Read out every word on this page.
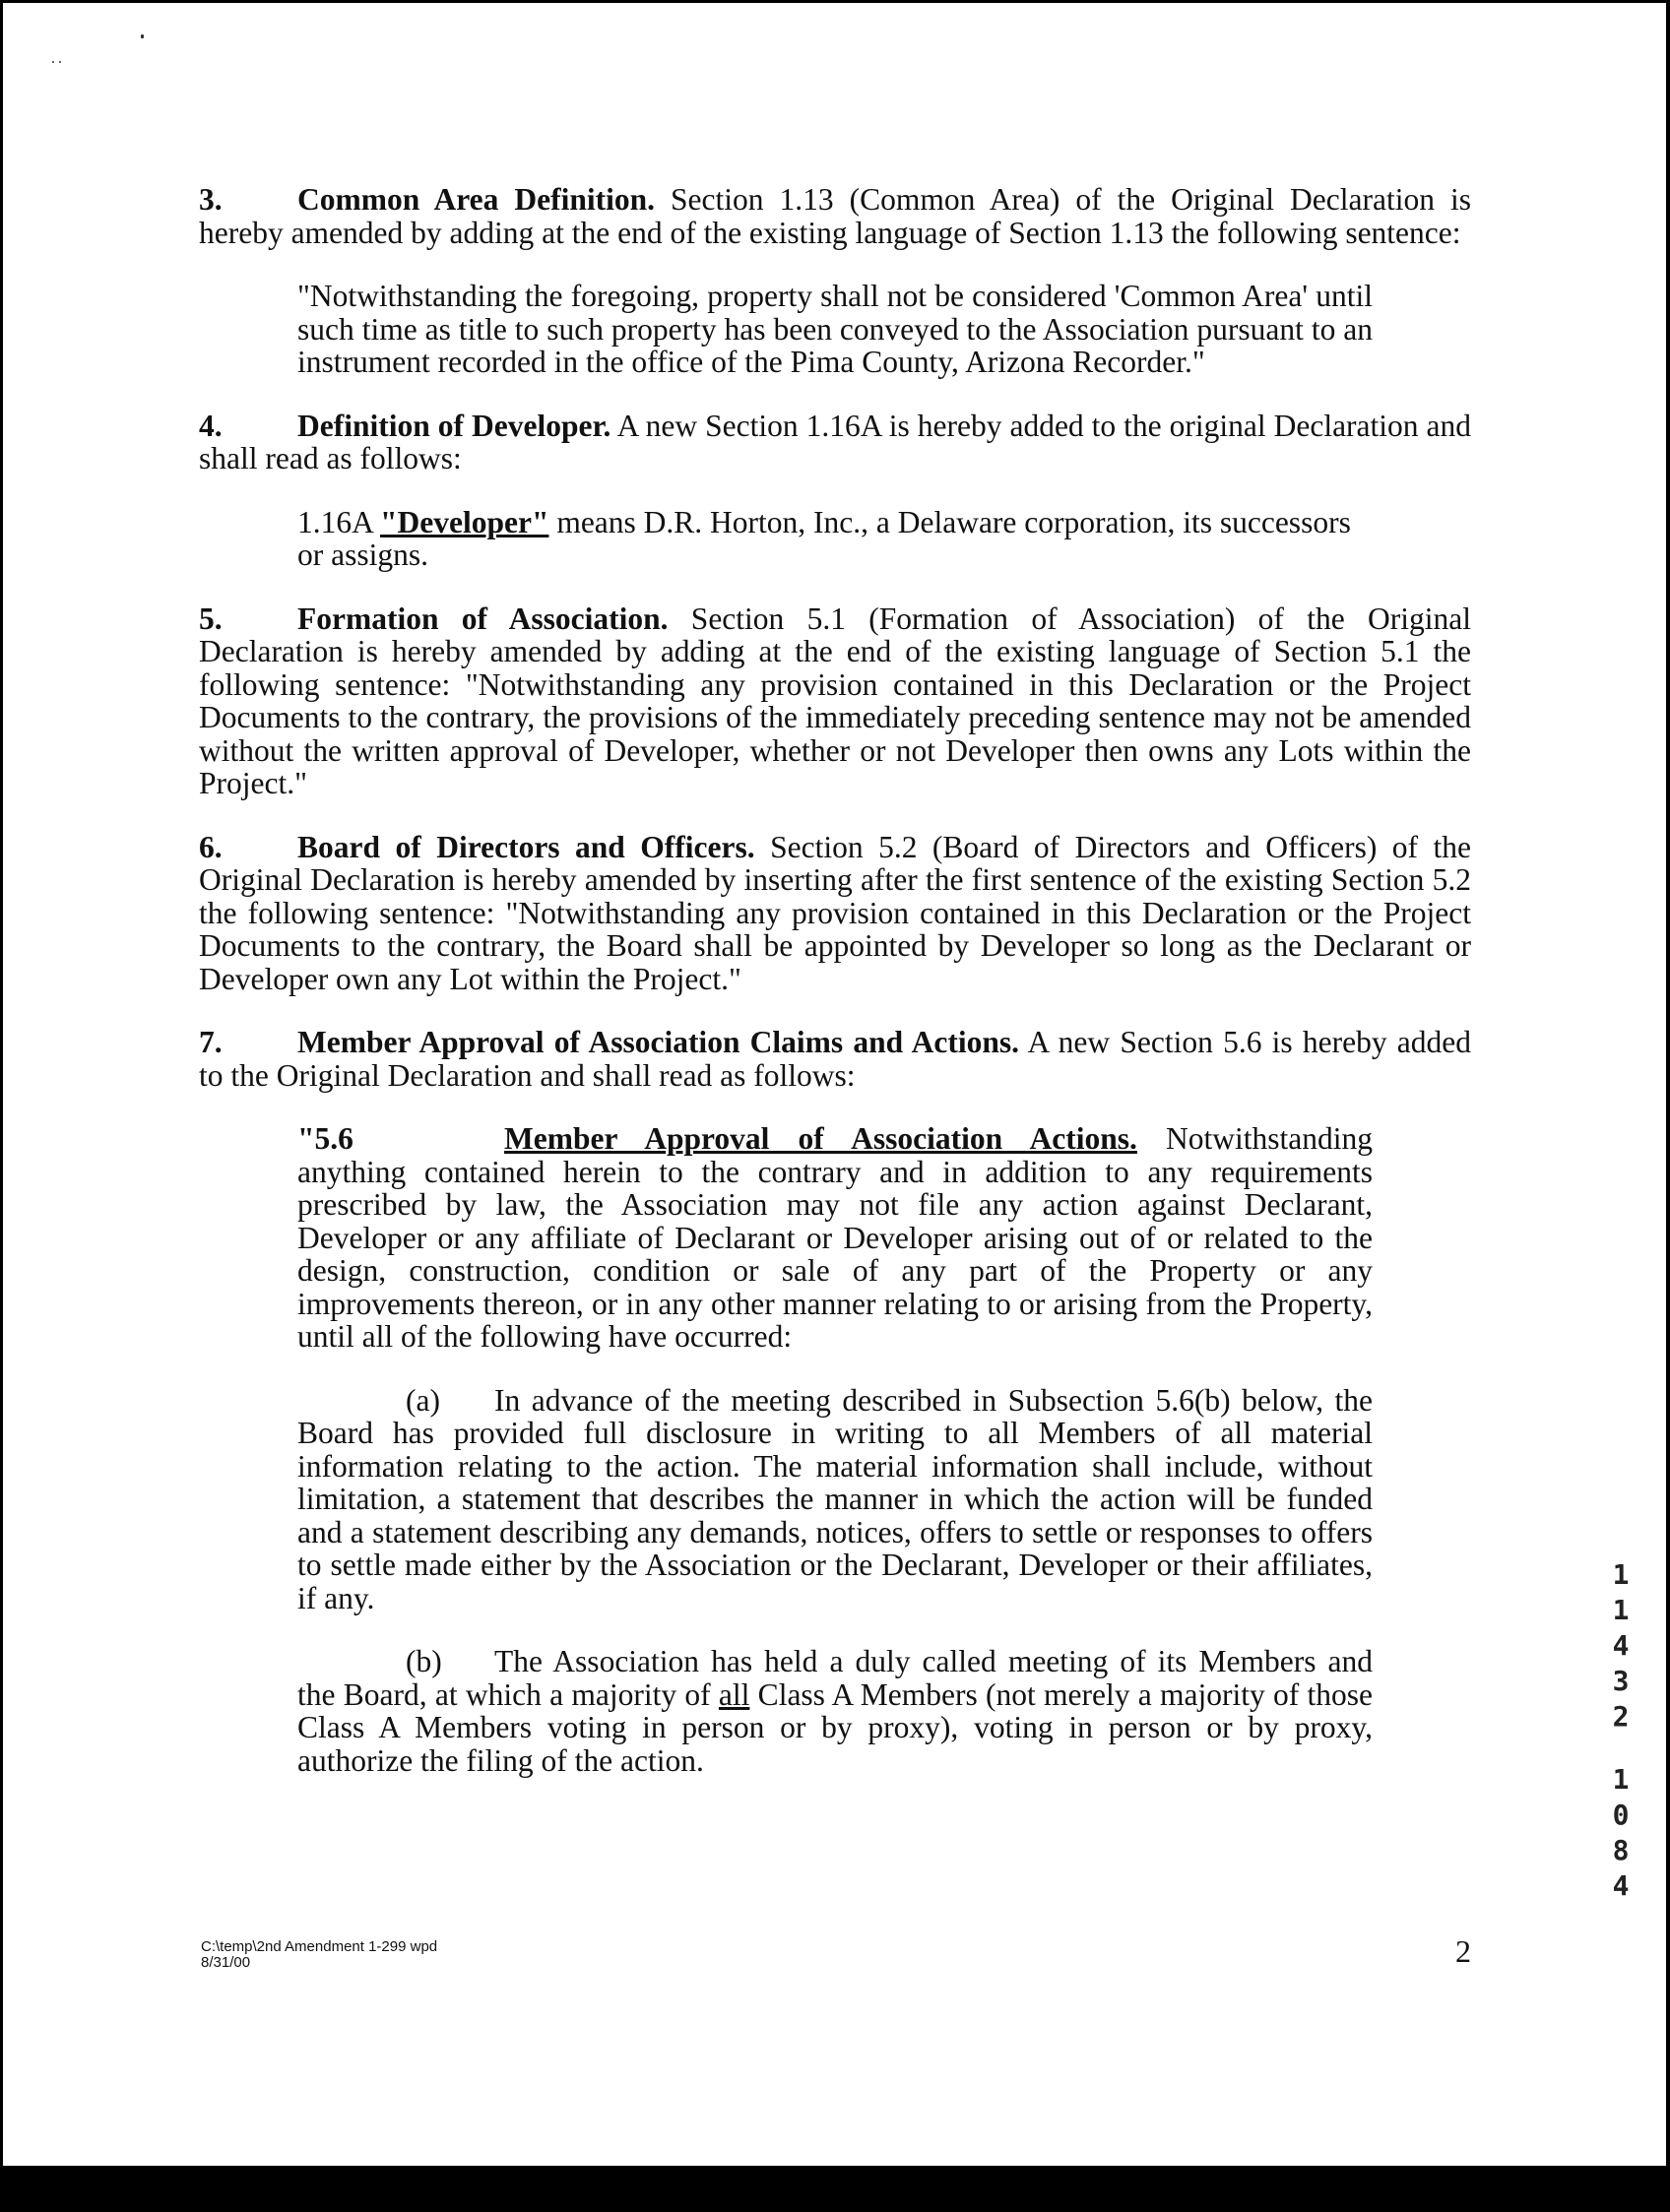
3. Common Area Definition. Section 1.13 (Common Area) of the Original Declaration is hereby amended by adding at the end of the existing language of Section 1.13 the following sentence:

"Notwithstanding the foregoing, property shall not be considered 'Common Area' until such time as title to such property has been conveyed to the Association pursuant to an instrument recorded in the office of the Pima County, Arizona Recorder."

4. Definition of Developer. A new Section 1.16A is hereby added to the original Declaration and shall read as follows:

1.16A "Developer" means D.R. Horton, Inc., a Delaware corporation, its successors or assigns.

5. Formation of Association. Section 5.1 (Formation of Association) of the Original Declaration is hereby amended by adding at the end of the existing language of Section 5.1 the following sentence: "Notwithstanding any provision contained in this Declaration or the Project Documents to the contrary, the provisions of the immediately preceding sentence may not be amended without the written approval of Developer, whether or not Developer then owns any Lots within the Project."

6. Board of Directors and Officers. Section 5.2 (Board of Directors and Officers) of the Original Declaration is hereby amended by inserting after the first sentence of the existing Section 5.2 the following sentence: "Notwithstanding any provision contained in this Declaration or the Project Documents to the contrary, the Board shall be appointed by Developer so long as the Declarant or Developer own any Lot within the Project."

7. Member Approval of Association Claims and Actions. A new Section 5.6 is hereby added to the Original Declaration and shall read as follows:

"5.6	Member Approval of Association Actions. Notwithstanding anything contained herein to the contrary and in addition to any requirements prescribed by law, the Association may not file any action against Declarant, Developer or any affiliate of Declarant or Developer arising out of or related to the design, construction, condition or sale of any part of the Property or any improvements thereon, or in any other manner relating to or arising from the Property, until all of the following have occurred:

(a) In advance of the meeting described in Subsection 5.6(b) below, the Board has provided full disclosure in writing to all Members of all material information relating to the action. The material information shall include, without limitation, a statement that describes the manner in which the action will be funded and a statement describing any demands, notices, offers to settle or responses to offers to settle made either by the Association or the Declarant, Developer or their affiliates, if any.

(b) The Association has held a duly called meeting of its Members and the Board, at which a majority of all Class A Members (not merely a majority of those Class A Members voting in person or by proxy), voting in person or by proxy, authorize the filing of the action.

C:\temp\2nd Amendment 1-299 wpd
8/31/00	2
1
1
4
3
2
1
0
8
4
